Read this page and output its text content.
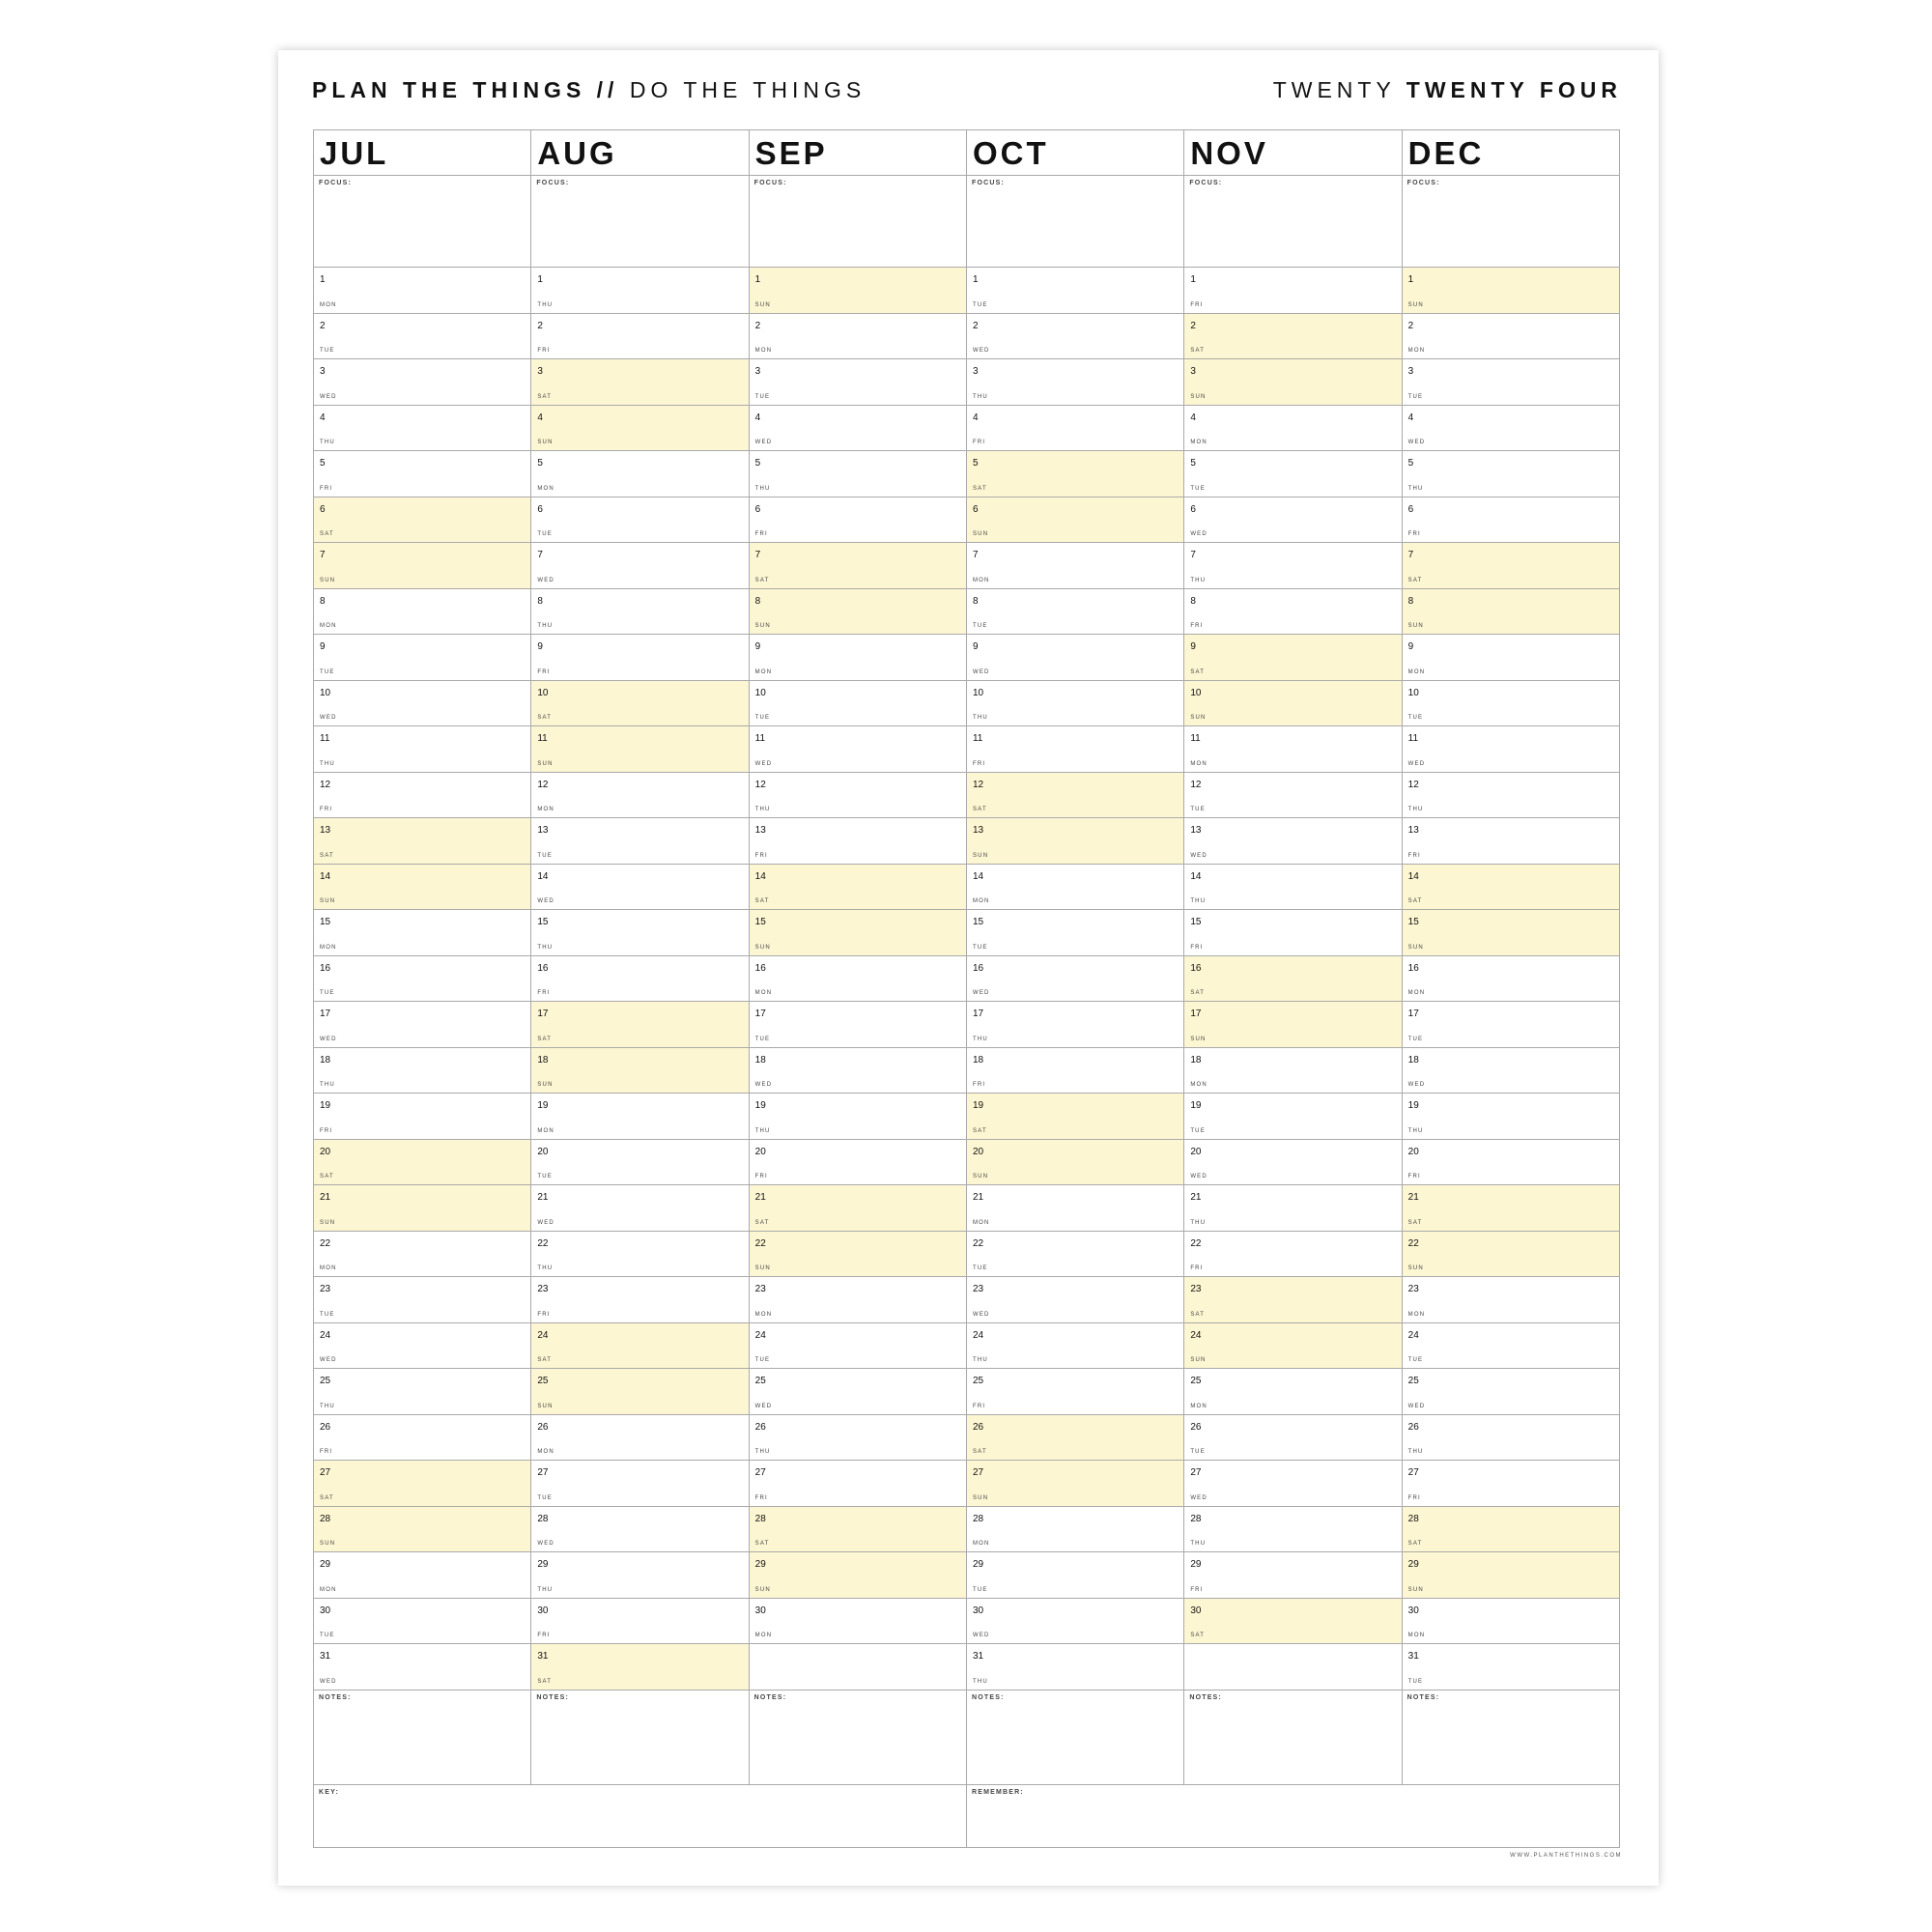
PLAN THE THINGS // DO THE THINGS	TWENTY TWENTY FOUR
JUL
FOCUS:
1
MON
2
TUE
3
WED
4
THU
5
FRI
6
SAT
7
SUN
8
MON
9
TUE
10
WED
11
THU
12
FRI
13
SAT
14
SUN
15
MON
16
TUE
17
WED
18
THU
19
FRI
20
SAT
21
SUN
22
MON
23
TUE
24
WED
25
THU
26
FRI
27
SAT
28
SUN
29
MON
30
TUE
31
WED
NOTES:
AUG
FOCUS:
1
THU
2
FRI
3
SAT
4
SUN
5
MON
6
TUE
7
WED
8
THU
9
FRI
10
SAT
11
SUN
12
MON
13
TUE
14
WED
15
THU
16
FRI
17
SAT
18
SUN
19
MON
20
TUE
21
WED
22
THU
23
FRI
24
SAT
25
SUN
26
MON
27
TUE
28
WED
29
THU
30
FRI
31
SAT
NOTES:
SEP
FOCUS:
1
SUN
2
MON
3
TUE
4
WED
5
THU
6
FRI
7
SAT
8
SUN
9
MON
10
TUE
11
WED
12
THU
13
FRI
14
SAT
15
SUN
16
MON
17
TUE
18
WED
19
THU
20
FRI
21
SAT
22
SUN
23
MON
24
TUE
25
WED
26
THU
27
FRI
28
SAT
29
SUN
30
MON
NOTES:
OCT
FOCUS:
1
TUE
2
WED
3
THU
4
FRI
5
SAT
6
SUN
7
MON
8
TUE
9
WED
10
THU
11
FRI
12
SAT
13
SUN
14
MON
15
TUE
16
WED
17
THU
18
FRI
19
SAT
20
SUN
21
MON
22
TUE
23
WED
24
THU
25
FRI
26
SAT
27
SUN
28
MON
29
TUE
30
WED
31
THU
NOTES:
NOV
FOCUS:
1
FRI
2
SAT
3
SUN
4
MON
5
TUE
6
WED
7
THU
8
FRI
9
SAT
10
SUN
11
MON
12
TUE
13
WED
14
THU
15
FRI
16
SAT
17
SUN
18
MON
19
TUE
20
WED
21
THU
22
FRI
23
SAT
24
SUN
25
MON
26
TUE
27
WED
28
THU
29
FRI
30
SAT
NOTES:
DEC
FOCUS:
1
SUN
2
MON
3
TUE
4
WED
5
THU
6
FRI
7
SAT
8
SUN
9
MON
10
TUE
11
WED
12
THU
13
FRI
14
SAT
15
SUN
16
MON
17
TUE
18
WED
19
THU
20
FRI
21
SAT
22
SUN
23
MON
24
TUE
25
WED
26
THU
27
FRI
28
SAT
29
SUN
30
MON
31
TUE
NOTES:
KEY:	REMEMBER:
WWW.PLANTHETHINGS.COM
